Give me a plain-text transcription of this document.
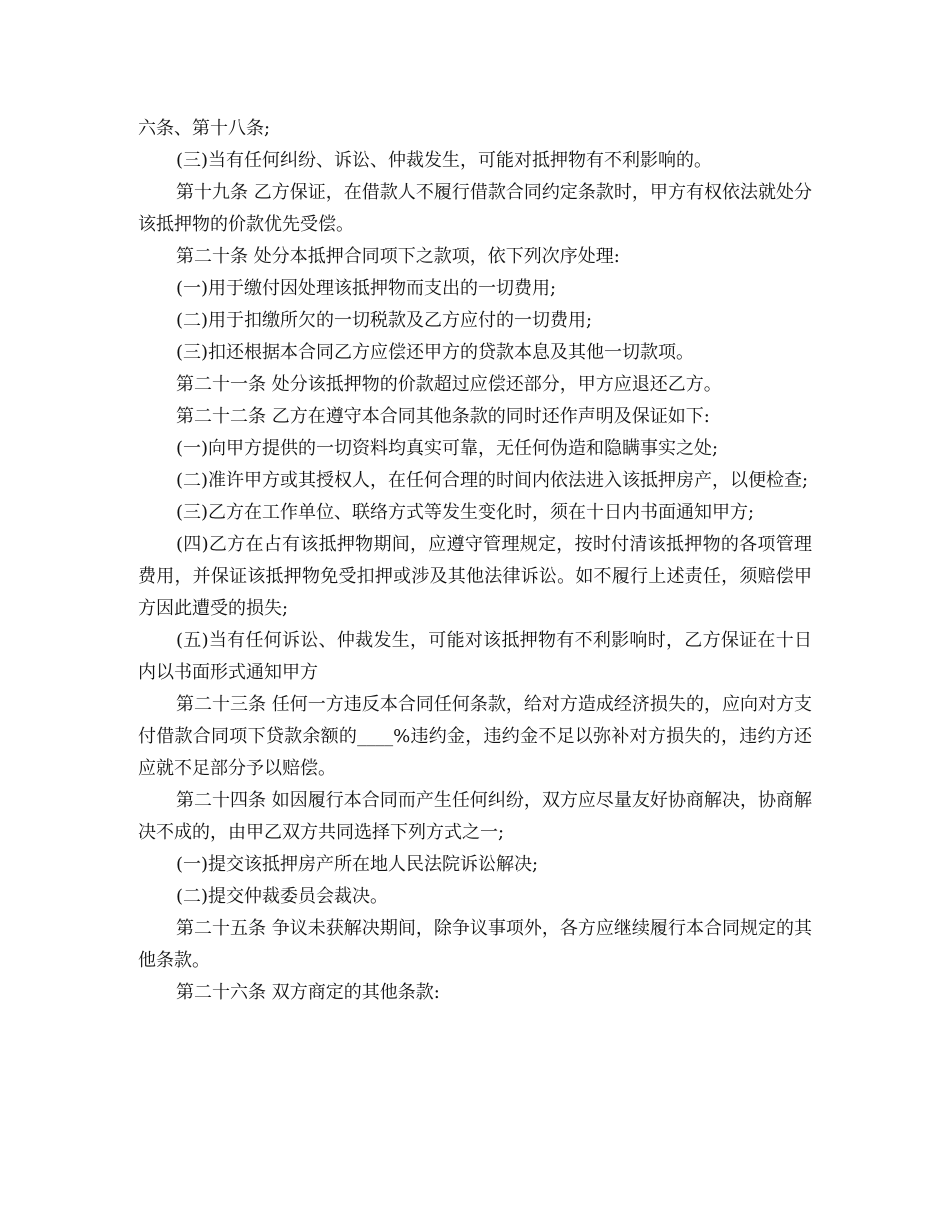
六条、第十八条;

(三)当有任何纠纷、诉讼、仲裁发生，可能对抵押物有不利影响的。

第十九条 乙方保证，在借款人不履行借款合同约定条款时，甲方有权依法就处分该抵押物的价款优先受偿。

第二十条 处分本抵押合同项下之款项，依下列次序处理:

(一)用于缴付因处理该抵押物而支出的一切费用;

(二)用于扣缴所欠的一切税款及乙方应付的一切费用;

(三)扣还根据本合同乙方应偿还甲方的贷款本息及其他一切款项。

第二十一条 处分该抵押物的价款超过应偿还部分，甲方应退还乙方。

第二十二条 乙方在遵守本合同其他条款的同时还作声明及保证如下:

(一)向甲方提供的一切资料均真实可靠，无任何伪造和隐瞒事实之处;

(二)准许甲方或其授权人，在任何合理的时间内依法进入该抵押房产，以便检查;

(三)乙方在工作单位、联络方式等发生变化时，须在十日内书面通知甲方;

(四)乙方在占有该抵押物期间，应遵守管理规定，按时付清该抵押物的各项管理费用，并保证该抵押物免受扣押或涉及其他法律诉讼。如不履行上述责任，须赔偿甲方因此遭受的损失;

(五)当有任何诉讼、仲裁发生，可能对该抵押物有不利影响时，乙方保证在十日内以书面形式通知甲方

第二十三条 任何一方违反本合同任何条款，给对方造成经济损失的，应向对方支付借款合同项下贷款余额的____%违约金，违约金不足以弥补对方损失的，违约方还应就不足部分予以赔偿。

第二十四条 如因履行本合同而产生任何纠纷，双方应尽量友好协商解决，协商解决不成的，由甲乙双方共同选择下列方式之一;

(一)提交该抵押房产所在地人民法院诉讼解决;

(二)提交仲裁委员会裁决。

第二十五条 争议未获解决期间，除争议事项外，各方应继续履行本合同规定的其他条款。

第二十六条 双方商定的其他条款:
